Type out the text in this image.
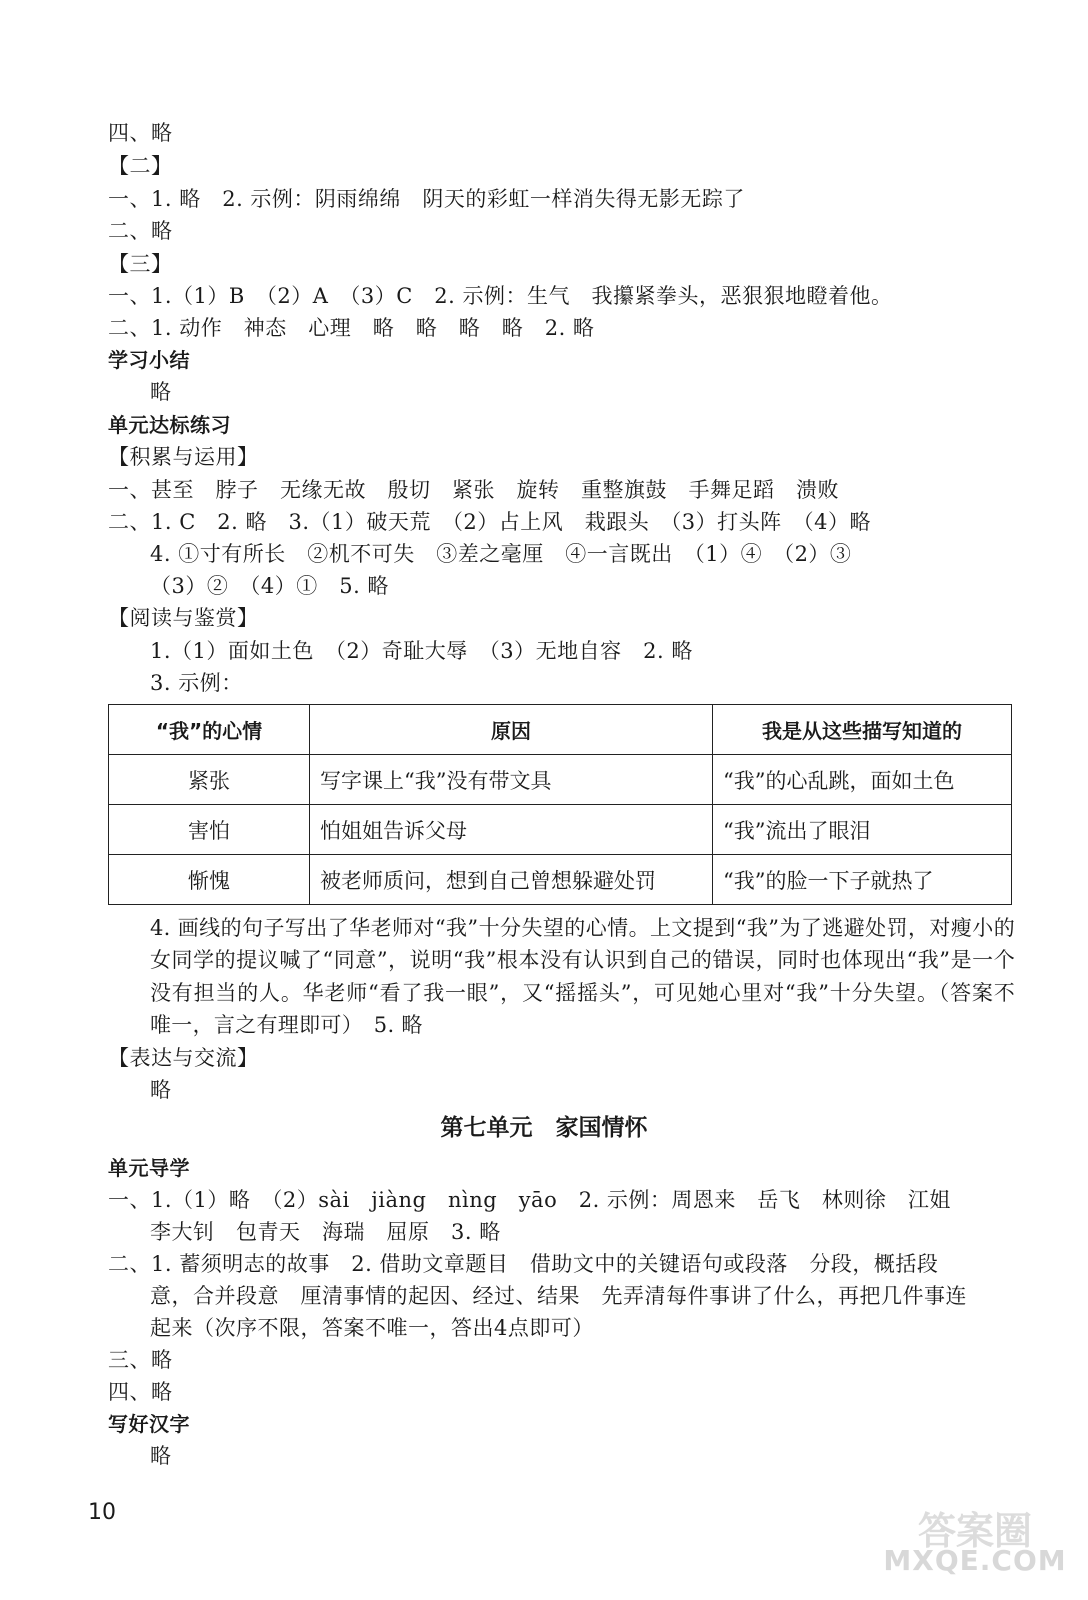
四、略
【二】
一、1. 略　2. 示例：阴雨绵绵　阴天的彩虹一样消失得无影无踪了
二、略
【三】
一、1.（1）B　（2）A　（3）C　2. 示例：生气　我攥紧拳头，恶狠狠地瞪着他。
二、1. 动作　神态　心理　略　略　略　略　2. 略
学习小结
略
单元达标练习
【积累与运用】
一、甚至　脖子　无缘无故　殷切　紧张　旋转　重整旗鼓　手舞足蹈　溃败
二、1. C　2. 略　3.（1）破天荒　（2）占上风　栽跟头　（3）打头阵　（4）略
4. ①寸有所长　②机不可失　③差之毫厘　④一言既出　（1）④　（2）③
（3）②　（4）①　5. 略
【阅读与鉴赏】
1.（1）面如土色　（2）奇耻大辱　（3）无地自容　2. 略
3. 示例：
“我”的心情	原因	我是从这些描写知道的
紧张	写字课上“我”没有带文具	“我”的心乱跳，面如土色
害怕	怕姐姐告诉父母	“我”流出了眼泪
惭愧	被老师质问，想到自己曾想躲避处罚	“我”的脸一下子就热了
4. 画线的句子写出了华老师对“我”十分失望的心情。上文提到“我”为了逃避处罚，对瘦小的女同学的提议喊了“同意”，说明“我”根本没有认识到自己的错误，同时也体现出“我”是一个没有担当的人。华老师“看了我一眼”，又“摇摇头”，可见她心里对“我”十分失望。（答案不唯一，言之有理即可）　5. 略
【表达与交流】
略
第七单元　家国情怀
单元导学
一、1.（1）略　（2）sài　jiàng　nìng　yāo　2. 示例：周恩来　岳飞　林则徐　江姐
李大钊　包青天　海瑞　屈原　3. 略
二、1. 蓄须明志的故事　2. 借助文章题目　借助文中的关键语句或段落　分段，概括段
意，合并段意　厘清事情的起因、经过、结果　先弄清每件事讲了什么，再把几件事连
起来（次序不限，答案不唯一，答出4点即可）
三、略
四、略
写好汉字
略
10	答案圈
MXQE.COM
